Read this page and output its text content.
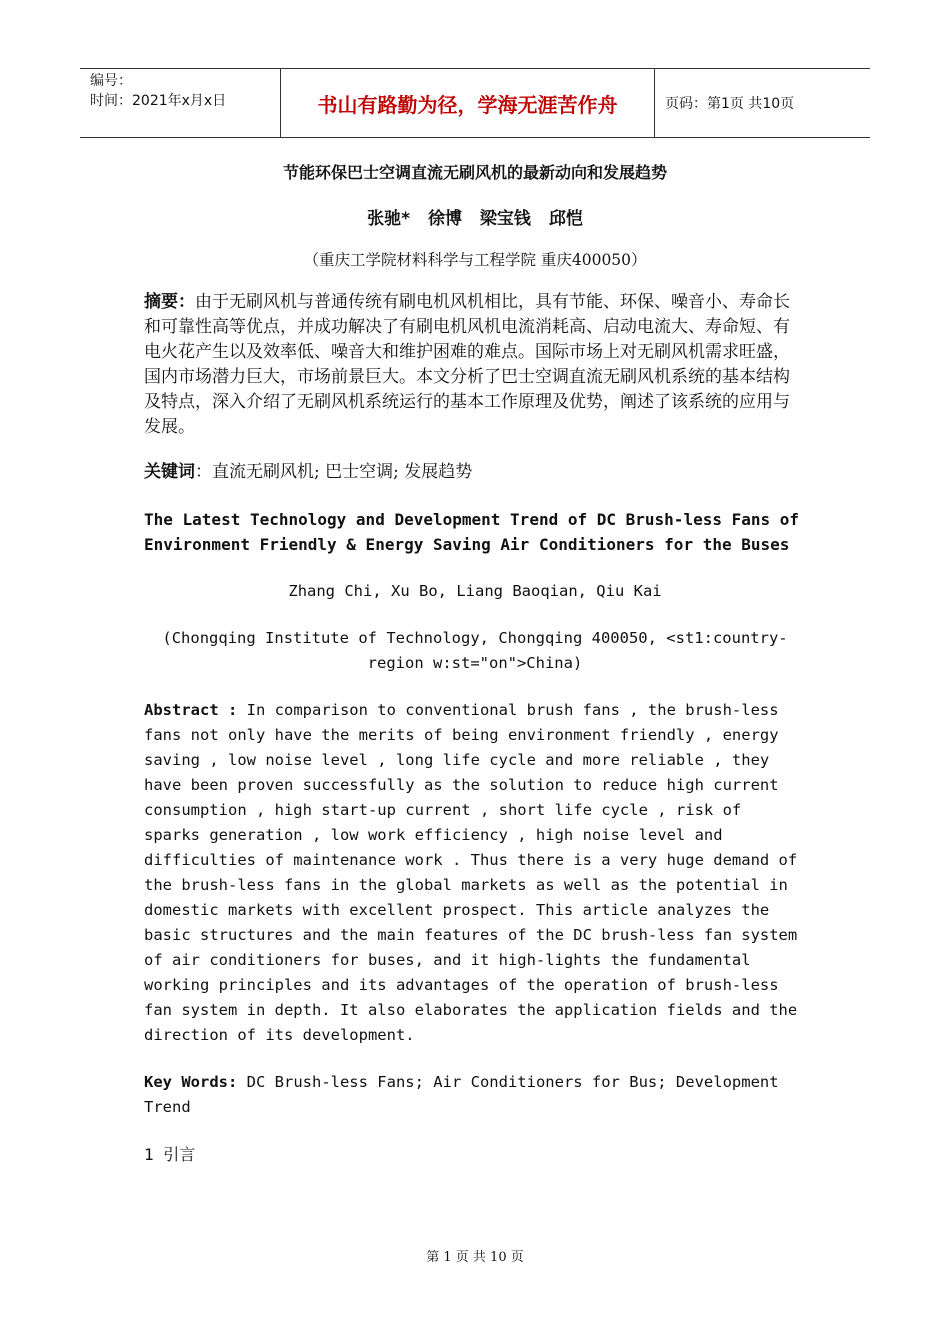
编号：
时间：2021年x月x日	书山有路勤为径，学海无涯苦作舟	页码：第1页 共10页
节能环保巴士空调直流无刷风机的最新动向和发展趋势
张驰* 徐博 梁宝钱 邱恺
（重庆工学院材料科学与工程学院 重庆400050）
摘要：由于无刷风机与普通传统有刷电机风机相比，具有节能、环保、噪音小、寿命长和可靠性高等优点，并成功解决了有刷电机风机电流消耗高、启动电流大、寿命短、有电火花产生以及效率低、噪音大和维护困难的难点。国际市场上对无刷风机需求旺盛，国内市场潜力巨大，市场前景巨大。本文分析了巴士空调直流无刷风机系统的基本结构及特点，深入介绍了无刷风机系统运行的基本工作原理及优势，阐述了该系统的应用与发展。
关键词：直流无刷风机; 巴士空调; 发展趋势
The Latest Technology and Development Trend of DC Brush-less Fans of Environment Friendly & Energy Saving Air Conditioners for the Buses
Zhang Chi, Xu Bo, Liang Baoqian, Qiu Kai
(Chongqing Institute of Technology, Chongqing 400050, <st1:country-region w:st="on">China)
Abstract : In comparison to conventional brush fans , the brush-less fans not only have the merits of being environment friendly , energy saving , low noise level , long life cycle and more reliable , they have been proven successfully as the solution to reduce high current consumption , high start-up current , short life cycle , risk of sparks generation , low work efficiency , high noise level and difficulties of maintenance work . Thus there is a very huge demand of the brush-less fans in the global markets as well as the potential in domestic markets with excellent prospect. This article analyzes the basic structures and the main features of the DC brush-less fan system of air conditioners for buses, and it high-lights the fundamental working principles and its advantages of the operation of brush-less fan system in depth. It also elaborates the application fields and the direction of its development.
Key Words: DC Brush-less Fans; Air Conditioners for Bus; Development Trend
1 引言
第 1 页 共 10 页
